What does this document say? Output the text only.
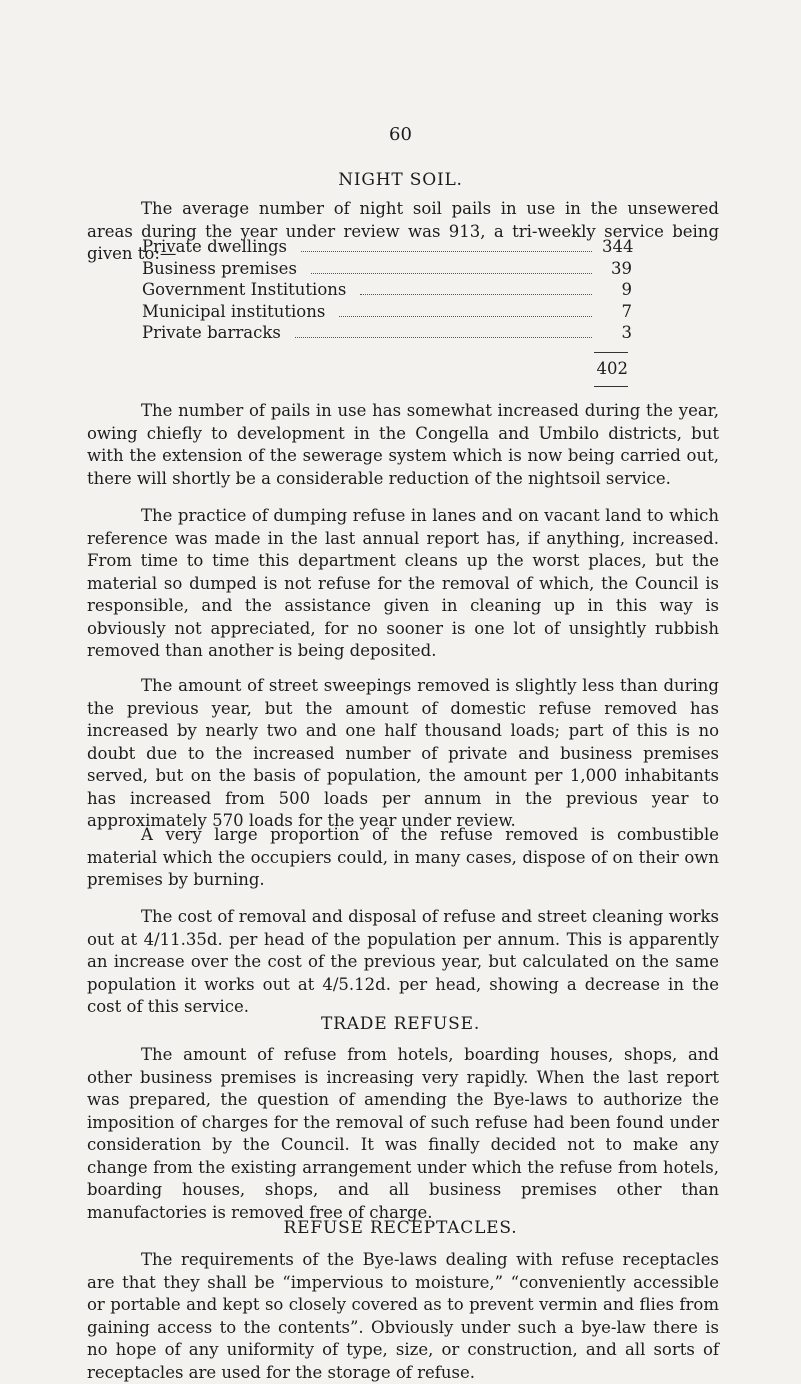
60
NIGHT SOIL.

The average number of night soil pails in use in the unsewered areas during the year under review was 913, a tri-weekly service being given to:—

Private dwellings	344
Business premises	39
Government Institutions	9
Municipal institutions	7
Private barracks	3
402

The number of pails in use has somewhat increased during the year, owing chiefly to development in the Congella and Umbilo districts, but with the extension of the sewerage system which is now being carried out, there will shortly be a considerable reduction of the nightsoil service.

The practice of dumping refuse in lanes and on vacant land to which reference was made in the last annual report has, if anything, increased. From time to time this department cleans up the worst places, but the material so dumped is not refuse for the removal of which, the Council is responsible, and the assistance given in cleaning up in this way is obviously not appreciated, for no sooner is one lot of unsightly rubbish removed than another is being deposited.

The amount of street sweepings removed is slightly less than during the previous year, but the amount of domestic refuse removed has increased by nearly two and one half thousand loads; part of this is no doubt due to the increased number of private and business premises served, but on the basis of population, the amount per 1,000 inhabitants has increased from 500 loads per annum in the previous year to approximately 570 loads for the year under review.

A very large proportion of the refuse removed is combustible material which the occupiers could, in many cases, dispose of on their own premises by burning.

The cost of removal and disposal of refuse and street cleaning works out at 4/11.35d. per head of the population per annum. This is apparently an increase over the cost of the previous year, but calculated on the same population it works out at 4/5.12d. per head, showing a decrease in the cost of this service.

TRADE REFUSE.

The amount of refuse from hotels, boarding houses, shops, and other business premises is increasing very rapidly. When the last report was prepared, the question of amending the Bye-laws to authorize the imposition of charges for the removal of such refuse had been found under consideration by the Council. It was finally decided not to make any change from the existing arrangement under which the refuse from hotels, boarding houses, shops, and all business premises other than manufactories is removed free of charge.

REFUSE RECEPTACLES.

The requirements of the Bye-laws dealing with refuse receptacles are that they shall be “impervious to moisture,” “conveniently accessible or portable and kept so closely covered as to prevent vermin and flies from gaining access to the contents”. Obviously under such a bye-law there is no hope of any uniformity of type, size, or construction, and all sorts of receptacles are used for the storage of refuse.
